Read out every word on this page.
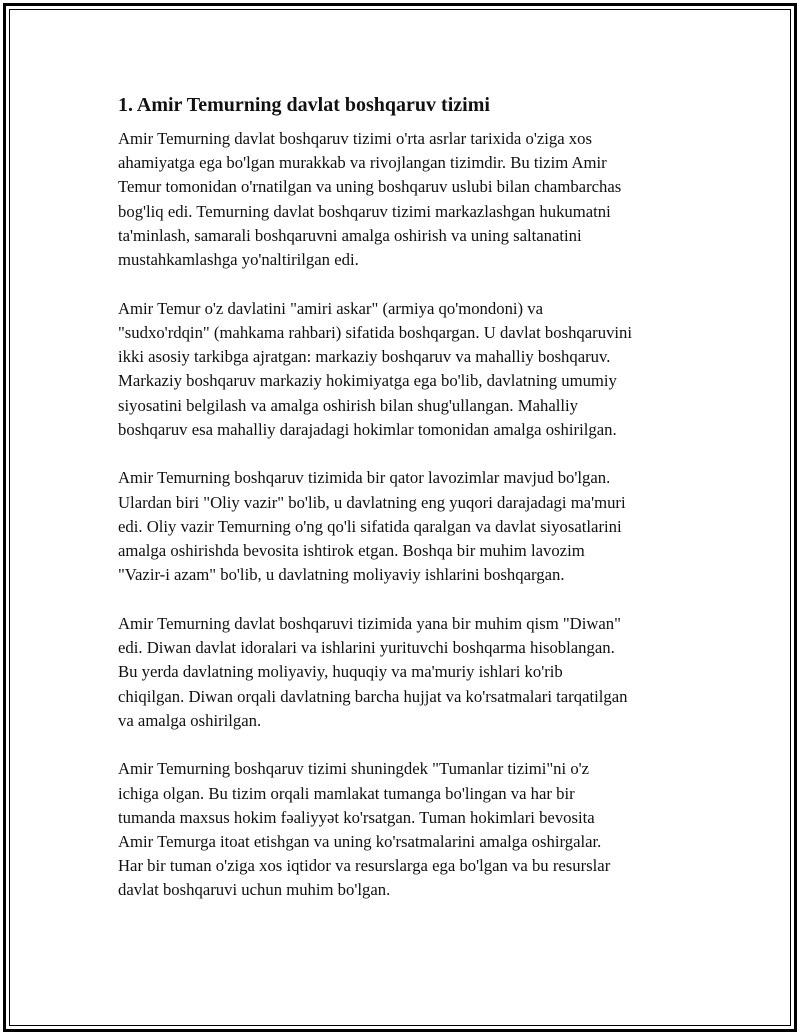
1. Amir Temurning davlat boshqaruv tizimi

Amir Temurning davlat boshqaruv tizimi o'rta asrlar tarixida o'ziga xos
ahamiyatga ega bo'lgan murakkab va rivojlangan tizimdir. Bu tizim Amir
Temur tomonidan o'rnatilgan va uning boshqaruv uslubi bilan chambarchas
bog'liq edi. Temurning davlat boshqaruv tizimi markazlashgan hukumatni
ta'minlash, samarali boshqaruvni amalga oshirish va uning saltanatini
mustahkamlashga yo'naltirilgan edi.

Amir Temur o'z davlatini "amiri askar" (armiya qo'mondoni) va
"sudxo'rdqin" (mahkama rahbari) sifatida boshqargan. U davlat boshqaruvini
ikki asosiy tarkibga ajratgan: markaziy boshqaruv va mahalliy boshqaruv.
Markaziy boshqaruv markaziy hokimiyatga ega bo'lib, davlatning umumiy
siyosatini belgilash va amalga oshirish bilan shug'ullangan. Mahalliy
boshqaruv esa mahalliy darajadagi hokimlar tomonidan amalga oshirilgan.

Amir Temurning boshqaruv tizimida bir qator lavozimlar mavjud bo'lgan.
Ulardan biri "Oliy vazir" bo'lib, u davlatning eng yuqori darajadagi ma'muri
edi. Oliy vazir Temurning o'ng qo'li sifatida qaralgan va davlat siyosatlarini
amalga oshirishda bevosita ishtirok etgan. Boshqa bir muhim lavozim
"Vazir-i azam" bo'lib, u davlatning moliyaviy ishlarini boshqargan.

Amir Temurning davlat boshqaruvi tizimida yana bir muhim qism "Diwan"
edi. Diwan davlat idoralari va ishlarini yurituvchi boshqarma hisoblangan.
Bu yerda davlatning moliyaviy, huquqiy va ma'muriy ishlari ko'rib
chiqilgan. Diwan orqali davlatning barcha hujjat va ko'rsatmalari tarqatilgan
va amalga oshirilgan.

Amir Temurning boshqaruv tizimi shuningdek "Tumanlar tizimi"ni o'z
ichiga olgan. Bu tizim orqali mamlakat tumanga bo'lingan va har bir
tumanda maxsus hokim fəaliyyət ko'rsatgan. Tuman hokimlari bevosita
Amir Temurga itoat etishgan va uning ko'rsatmalarini amalga oshirgalar.
Har bir tuman o'ziga xos iqtidor va resurslarga ega bo'lgan va bu resurslar
davlat boshqaruvi uchun muhim bo'lgan.
